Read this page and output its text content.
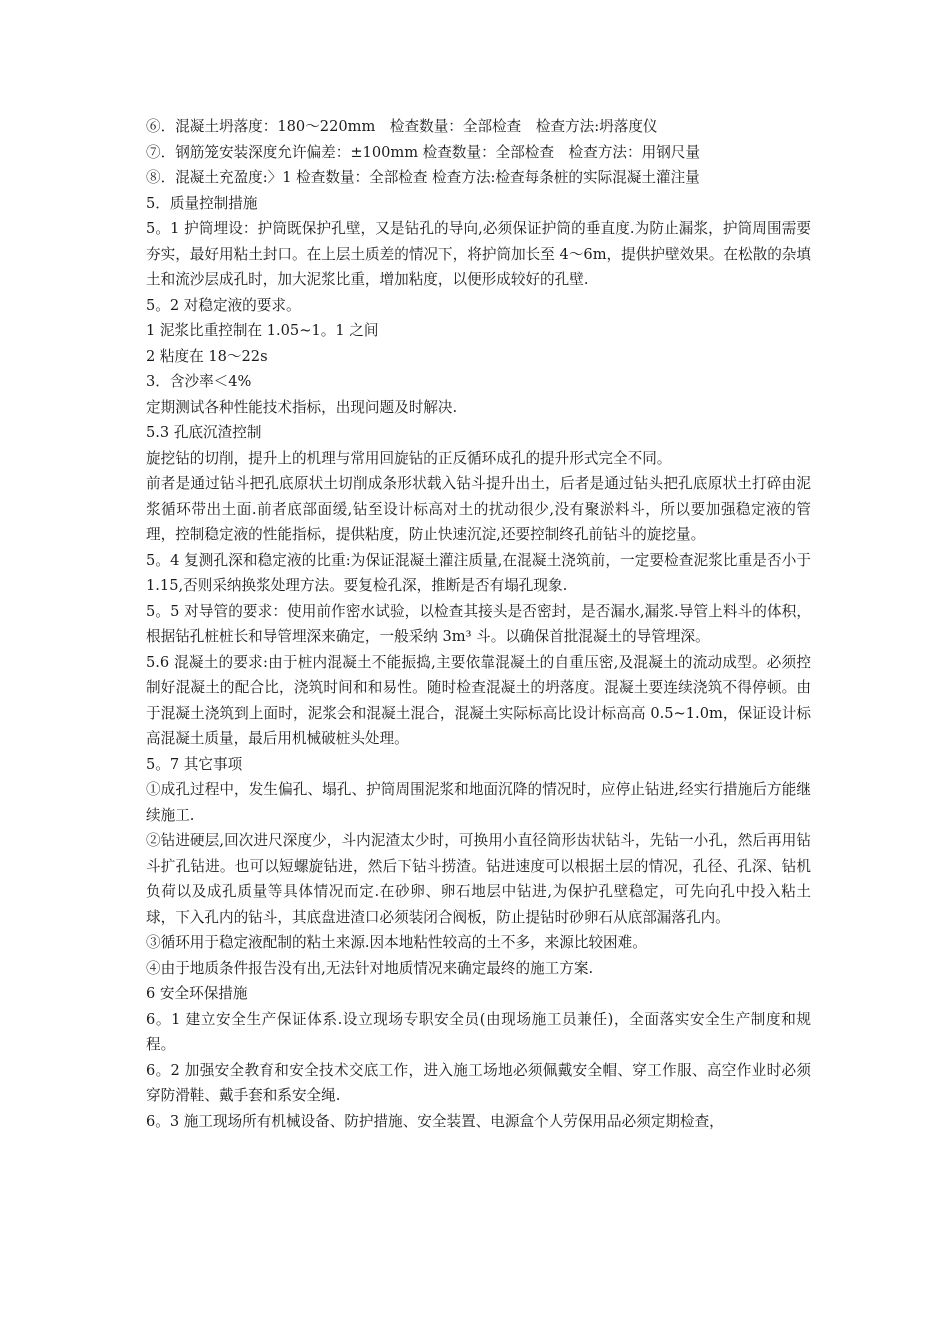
⑥．混凝土坍落度：180～220mm　检查数量：全部检查　检查方法:坍落度仪

⑦．钢筋笼安装深度允许偏差：±100mm 检查数量：全部检查　检查方法：用钢尺量

⑧．混凝土充盈度:〉1 检查数量：全部检查 检查方法:检查每条桩的实际混凝土灌注量

5．质量控制措施

5。1 护筒埋设：护筒既保护孔壁，又是钻孔的导向,必须保证护筒的垂直度.为防止漏浆，护筒周围需要夯实，最好用粘土封口。在上层土质差的情况下，将护筒加长至 4～6m，提供护壁效果。在松散的杂填土和流沙层成孔时，加大泥浆比重，增加粘度，以便形成较好的孔壁.

5。2 对稳定液的要求。

1 泥浆比重控制在 1.05~1。1 之间

2 粘度在 18～22s

3．含沙率＜4%

定期测试各种性能技术指标，出现问题及时解决.

5.3 孔底沉渣控制

旋挖钻的切削，提升上的机理与常用回旋钻的正反循环成孔的提升形式完全不同。

前者是通过钻斗把孔底原状土切削成条形状载入钻斗提升出土，后者是通过钻头把孔底原状土打碎由泥浆循环带出土面.前者底部面缓,钻至设计标高对土的扰动很少,没有聚淤料斗，所以要加强稳定液的管理，控制稳定液的性能指标，提供粘度，防止快速沉淀,还要控制终孔前钻斗的旋挖量。

5。4 复测孔深和稳定液的比重:为保证混凝土灌注质量,在混凝土浇筑前，一定要检查泥浆比重是否小于 1.15,否则采纳换浆处理方法。要复检孔深，推断是否有塌孔现象.

5。5 对导管的要求：使用前作密水试验，以检查其接头是否密封，是否漏水,漏浆.导管上料斗的体积，根据钻孔桩桩长和导管埋深来确定，一般采纳 3m³ 斗。以确保首批混凝土的导管埋深。

5.6 混凝土的要求:由于桩内混凝土不能振捣,主要依靠混凝土的自重压密,及混凝土的流动成型。必须控制好混凝土的配合比，浇筑时间和和易性。随时检查混凝土的坍落度。混凝土要连续浇筑不得停顿。由于混凝土浇筑到上面时，泥浆会和混凝土混合，混凝土实际标高比设计标高高 0.5~1.0m，保证设计标高混凝土质量，最后用机械破桩头处理。

5。7 其它事项

①成孔过程中，发生偏孔、塌孔、护筒周围泥浆和地面沉降的情况时，应停止钻进,经实行措施后方能继续施工.

②钻进硬层,回次进尺深度少，斗内泥渣太少时，可换用小直径筒形齿状钻斗，先钻一小孔，然后再用钻斗扩孔钻进。也可以短螺旋钻进，然后下钻斗捞渣。钻进速度可以根据土层的情况，孔径、孔深、钻机负荷以及成孔质量等具体情况而定.在砂卵、卵石地层中钻进,为保护孔壁稳定，可先向孔中投入粘土球，下入孔内的钻斗，其底盘进渣口必须装闭合阀板，防止提钻时砂卵石从底部漏落孔内。

③循环用于稳定液配制的粘土来源.因本地粘性较高的土不多，来源比较困难。

④由于地质条件报告没有出,无法针对地质情况来确定最终的施工方案.

6 安全环保措施

6。1 建立安全生产保证体系.设立现场专职安全员(由现场施工员兼任)，全面落实安全生产制度和规程。

6。2 加强安全教育和安全技术交底工作，进入施工场地必须佩戴安全帽、穿工作服、高空作业时必须穿防滑鞋、戴手套和系安全绳.

6。3 施工现场所有机械设备、防护措施、安全装置、电源盒个人劳保用品必须定期检查，
